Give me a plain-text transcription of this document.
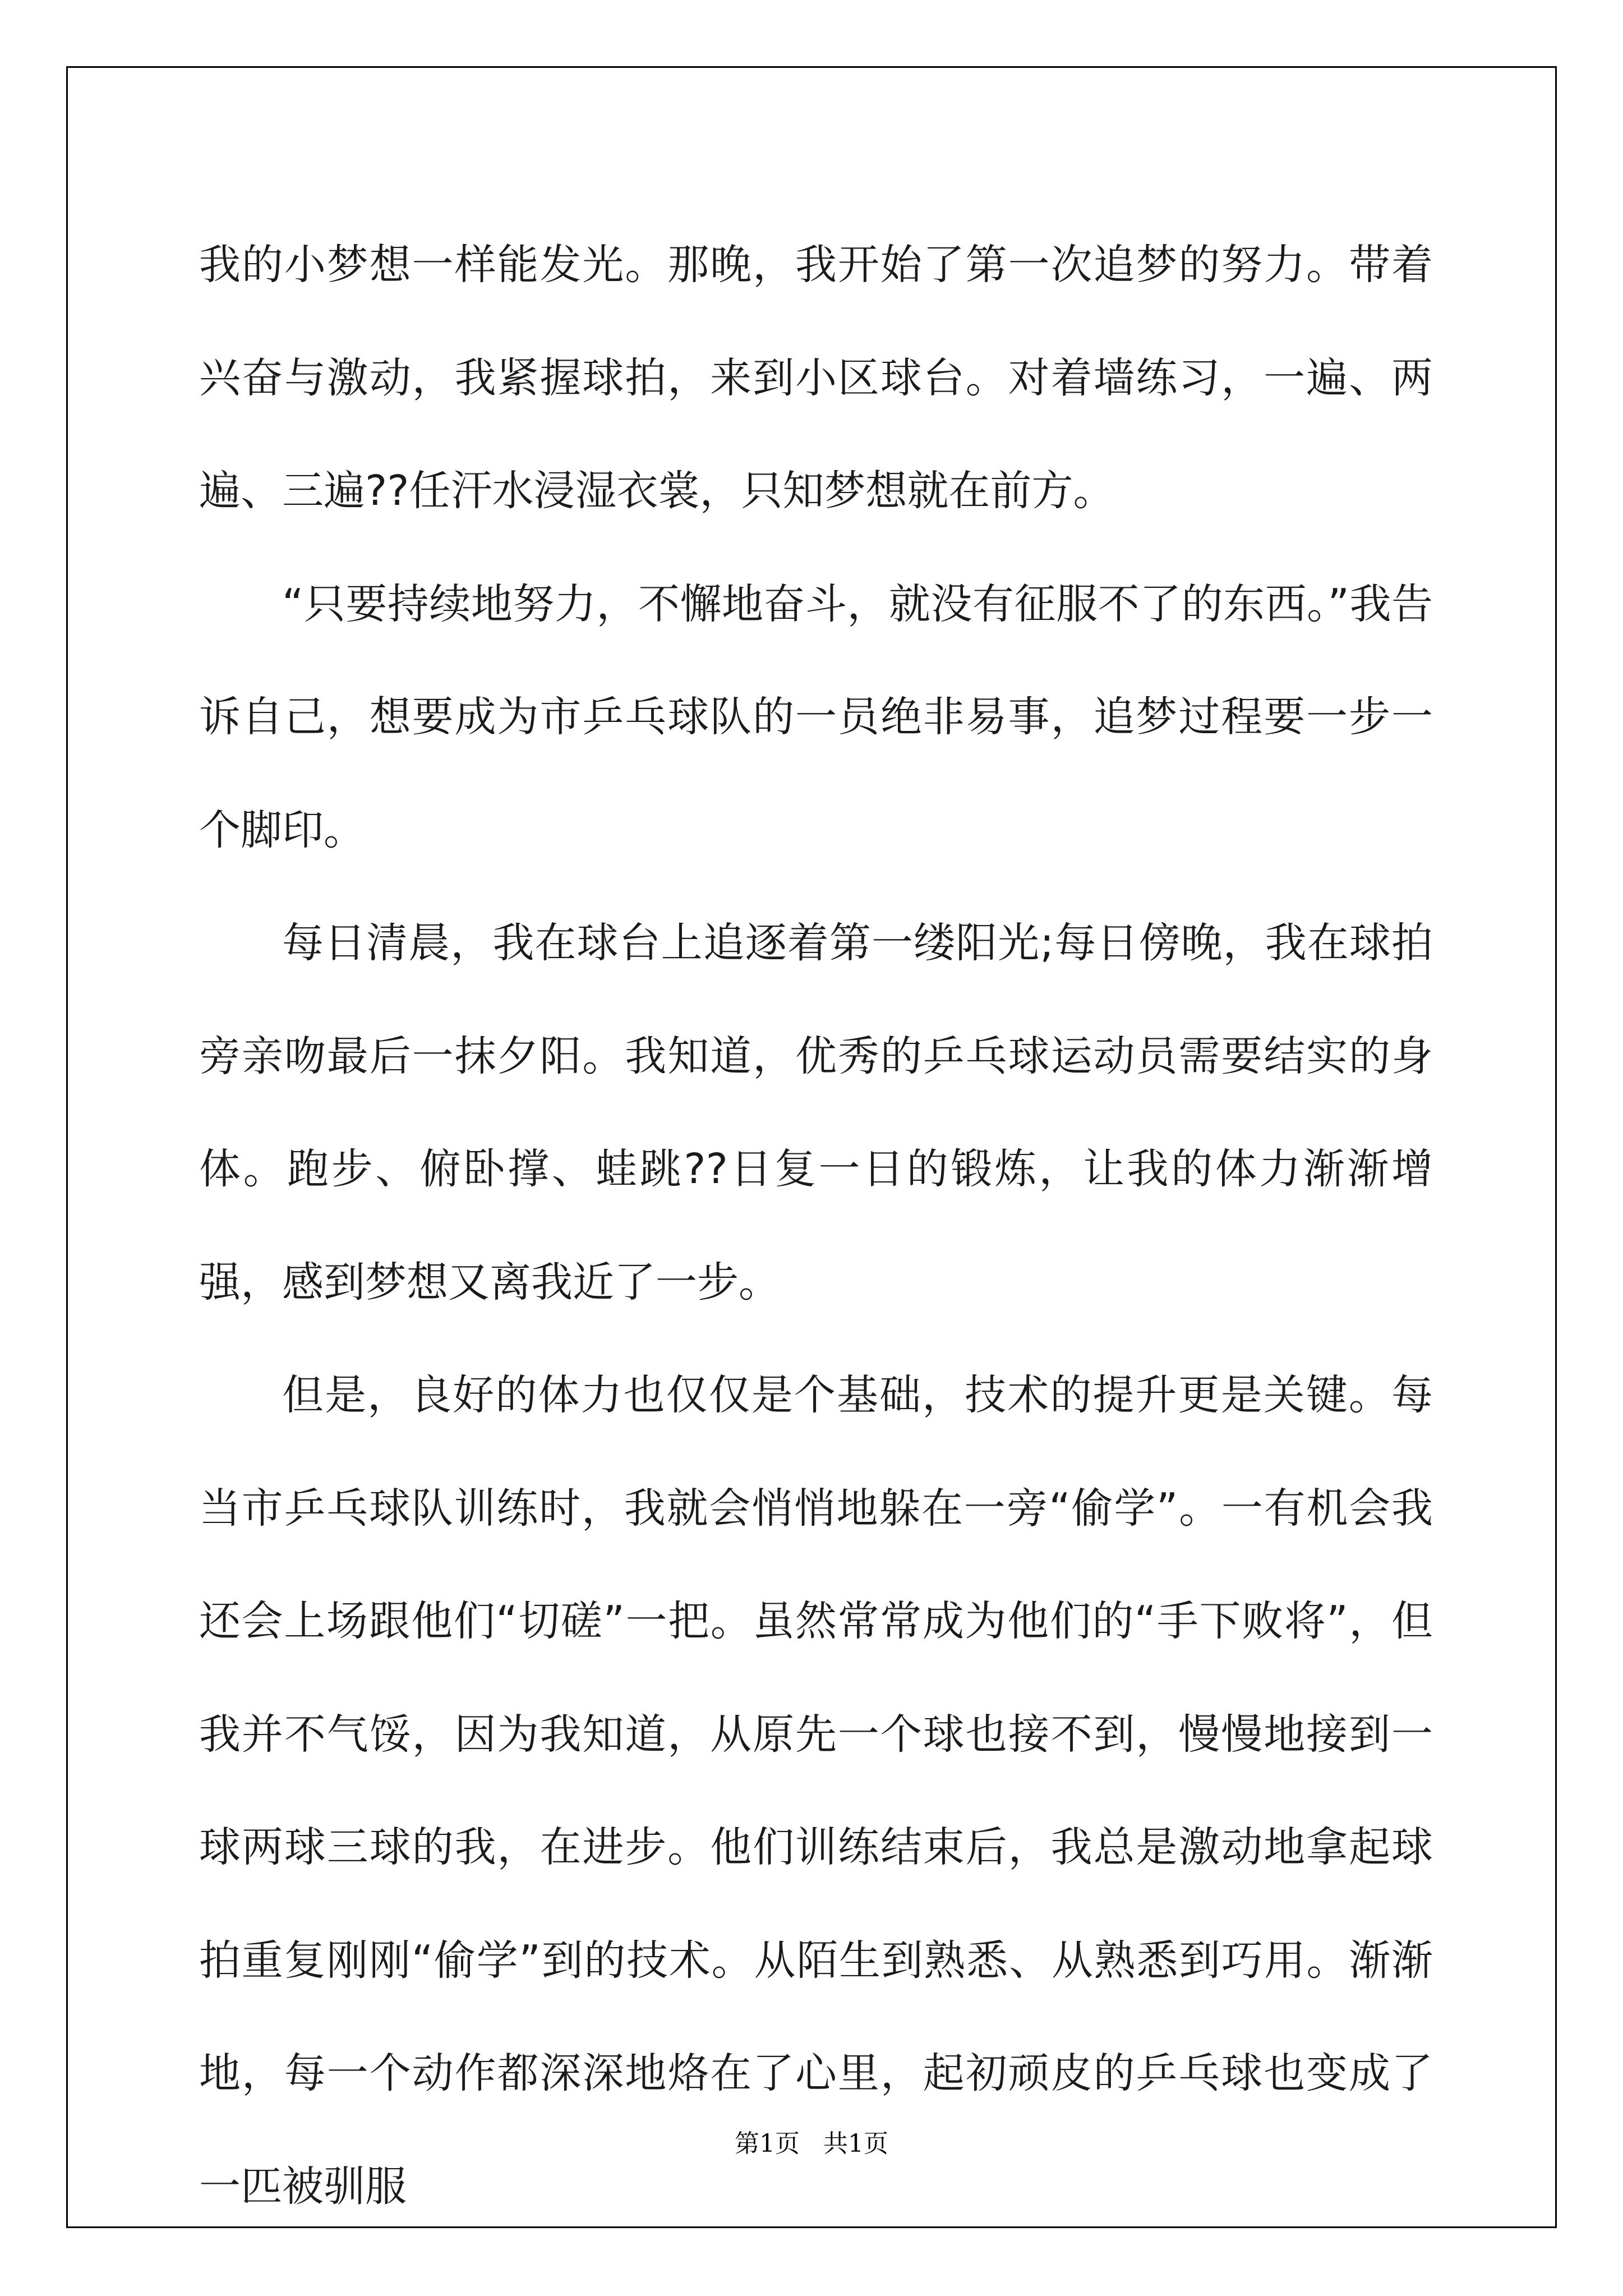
我的小梦想一样能发光。那晚，我开始了第一次追梦的努力。带着兴奋与激动，我紧握球拍，来到小区球台。对着墙练习，一遍、两遍、三遍??任汗水浸湿衣裳，只知梦想就在前方。

“只要持续地努力，不懈地奋斗，就没有征服不了的东西。”我告诉自己，想要成为市乒乓球队的一员绝非易事，追梦过程要一步一个脚印。

每日清晨，我在球台上追逐着第一缕阳光;每日傍晚，我在球拍旁亲吻最后一抹夕阳。我知道，优秀的乒乓球运动员需要结实的身体。跑步、俯卧撑、蛙跳??日复一日的锻炼，让我的体力渐渐增强，感到梦想又离我近了一步。

但是，良好的体力也仅仅是个基础，技术的提升更是关键。每当市乒乓球队训练时，我就会悄悄地躲在一旁“偷学”。一有机会我还会上场跟他们“切磋”一把。虽然常常成为他们的“手下败将”，但我并不气馁，因为我知道，从原先一个球也接不到，慢慢地接到一球两球三球的我，在进步。他们训练结束后，我总是激动地拿起球拍重复刚刚“偷学”到的技术。从陌生到熟悉、从熟悉到巧用。渐渐地，每一个动作都深深地烙在了心里，起初顽皮的乒乓球也变成了一匹被驯服

第1页 共1页
